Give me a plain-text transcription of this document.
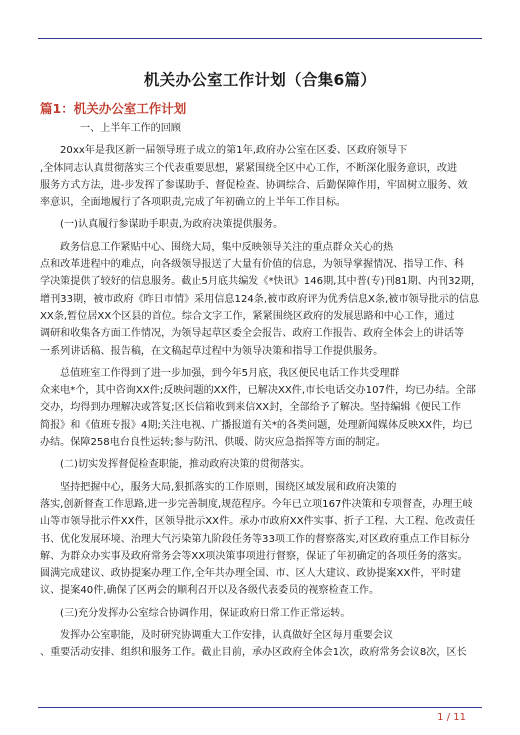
机关办公室工作计划（合集6篇）
篇1：机关办公室工作计划

一、上半年工作的回顾

20xx年是我区新一届领导班子成立的第1年,政府办公室在区委、区政府领导下

,全体同志认真贯彻落实三个代表重要思想，紧紧围绕全区中心工作，不断深化服务意识，改进

服务方式方法，进-步发挥了参谋助手、督促检查、协调综合、后勤保障作用，牢固树立服务、效

率意识，全面地履行了各项职责,完成了年初确立的上半年工作目标。

(一)认真履行参谋助手职责,为政府决策提供服务。

政务信息工作紧贴中心、围绕大局，集中反映领导关注的重点群众关心的热

点和改革进程中的难点，向各级领导报送了大量有价值的信息，为领导掌握情况、指导工作、科

学决策提供了较好的信息服务。截止5月底共编发《*快讯》146期,其中普(专)刊81期、内刊32期，

增刊33期，被市政府《昨日市情》采用信息124条,被市政府评为优秀信息X条,被市领导批示的信息

XX条,暂位居XX个区县的首位。综合文字工作，紧紧围绕区政府的发展思路和中心工作，通过

调研和收集各方面工作情况，为领导起草区委全会报告、政府工作报告、政府全体会上的讲话等

一系列讲话稿、报告稿，在文稿起草过程中为领导决策和指导工作提供服务。

总值班室工作得到了进一步加强，到今年5月底，我区便民电话工作共受理群

众来电*个，其中咨询XX件;反映问题的XX件，已解决XX件,市长电话交办107件，均已办结。全部

交办，均得到办理解决或答复;区长信箱收到来信XX封，全部给予了解决。坚持编辑《便民工作

简报》和《值班专报》4期;关注电视、广播报道有关*的各类问题，处理新闻媒体反映XX件，均已

办结。保障258电台良性运转;参与防汛、供暖、防灾应急指挥等方面的制定。

(二)切实发挥督促检查职能，推动政府决策的贯彻落实。

坚持把握中心，服务大局,狠抓落实的工作原则，围绕区域发展和政府决策的

落实,创新督查工作思路,进一步完善制度,规范程序。今年已立项167件决策和专项督查，办理王岐

山等市领导批示件XX件，区领导批示XX件。承办市政府XX件实事、折子工程、大工程、危改责任

书、优化发展环境、治理大气污染第九阶段任务等33项工作的督察落实,对区政府重点工作目标分

解、为群众办实事及政府常务会等XX项决策事项进行督察，保证了年初确定的各项任务的落实。

圆满完成建议、政协提案办理工作,全年共办理全国、市、区人大建议、政协提案XX件，平时建

议、提案40件,确保了区两会的顺利召开以及各级代表委员的视察检查工作。

(三)充分发挥办公室综合协调作用，保证政府日常工作正常运转。

发挥办公室职能，及时研究协调重大工作安排，认真做好全区每月重要会议

、重要活动安排、组织和服务工作。截止目前，承办区政府全体会1次，政府常务会议8次，区长

1 / 11
